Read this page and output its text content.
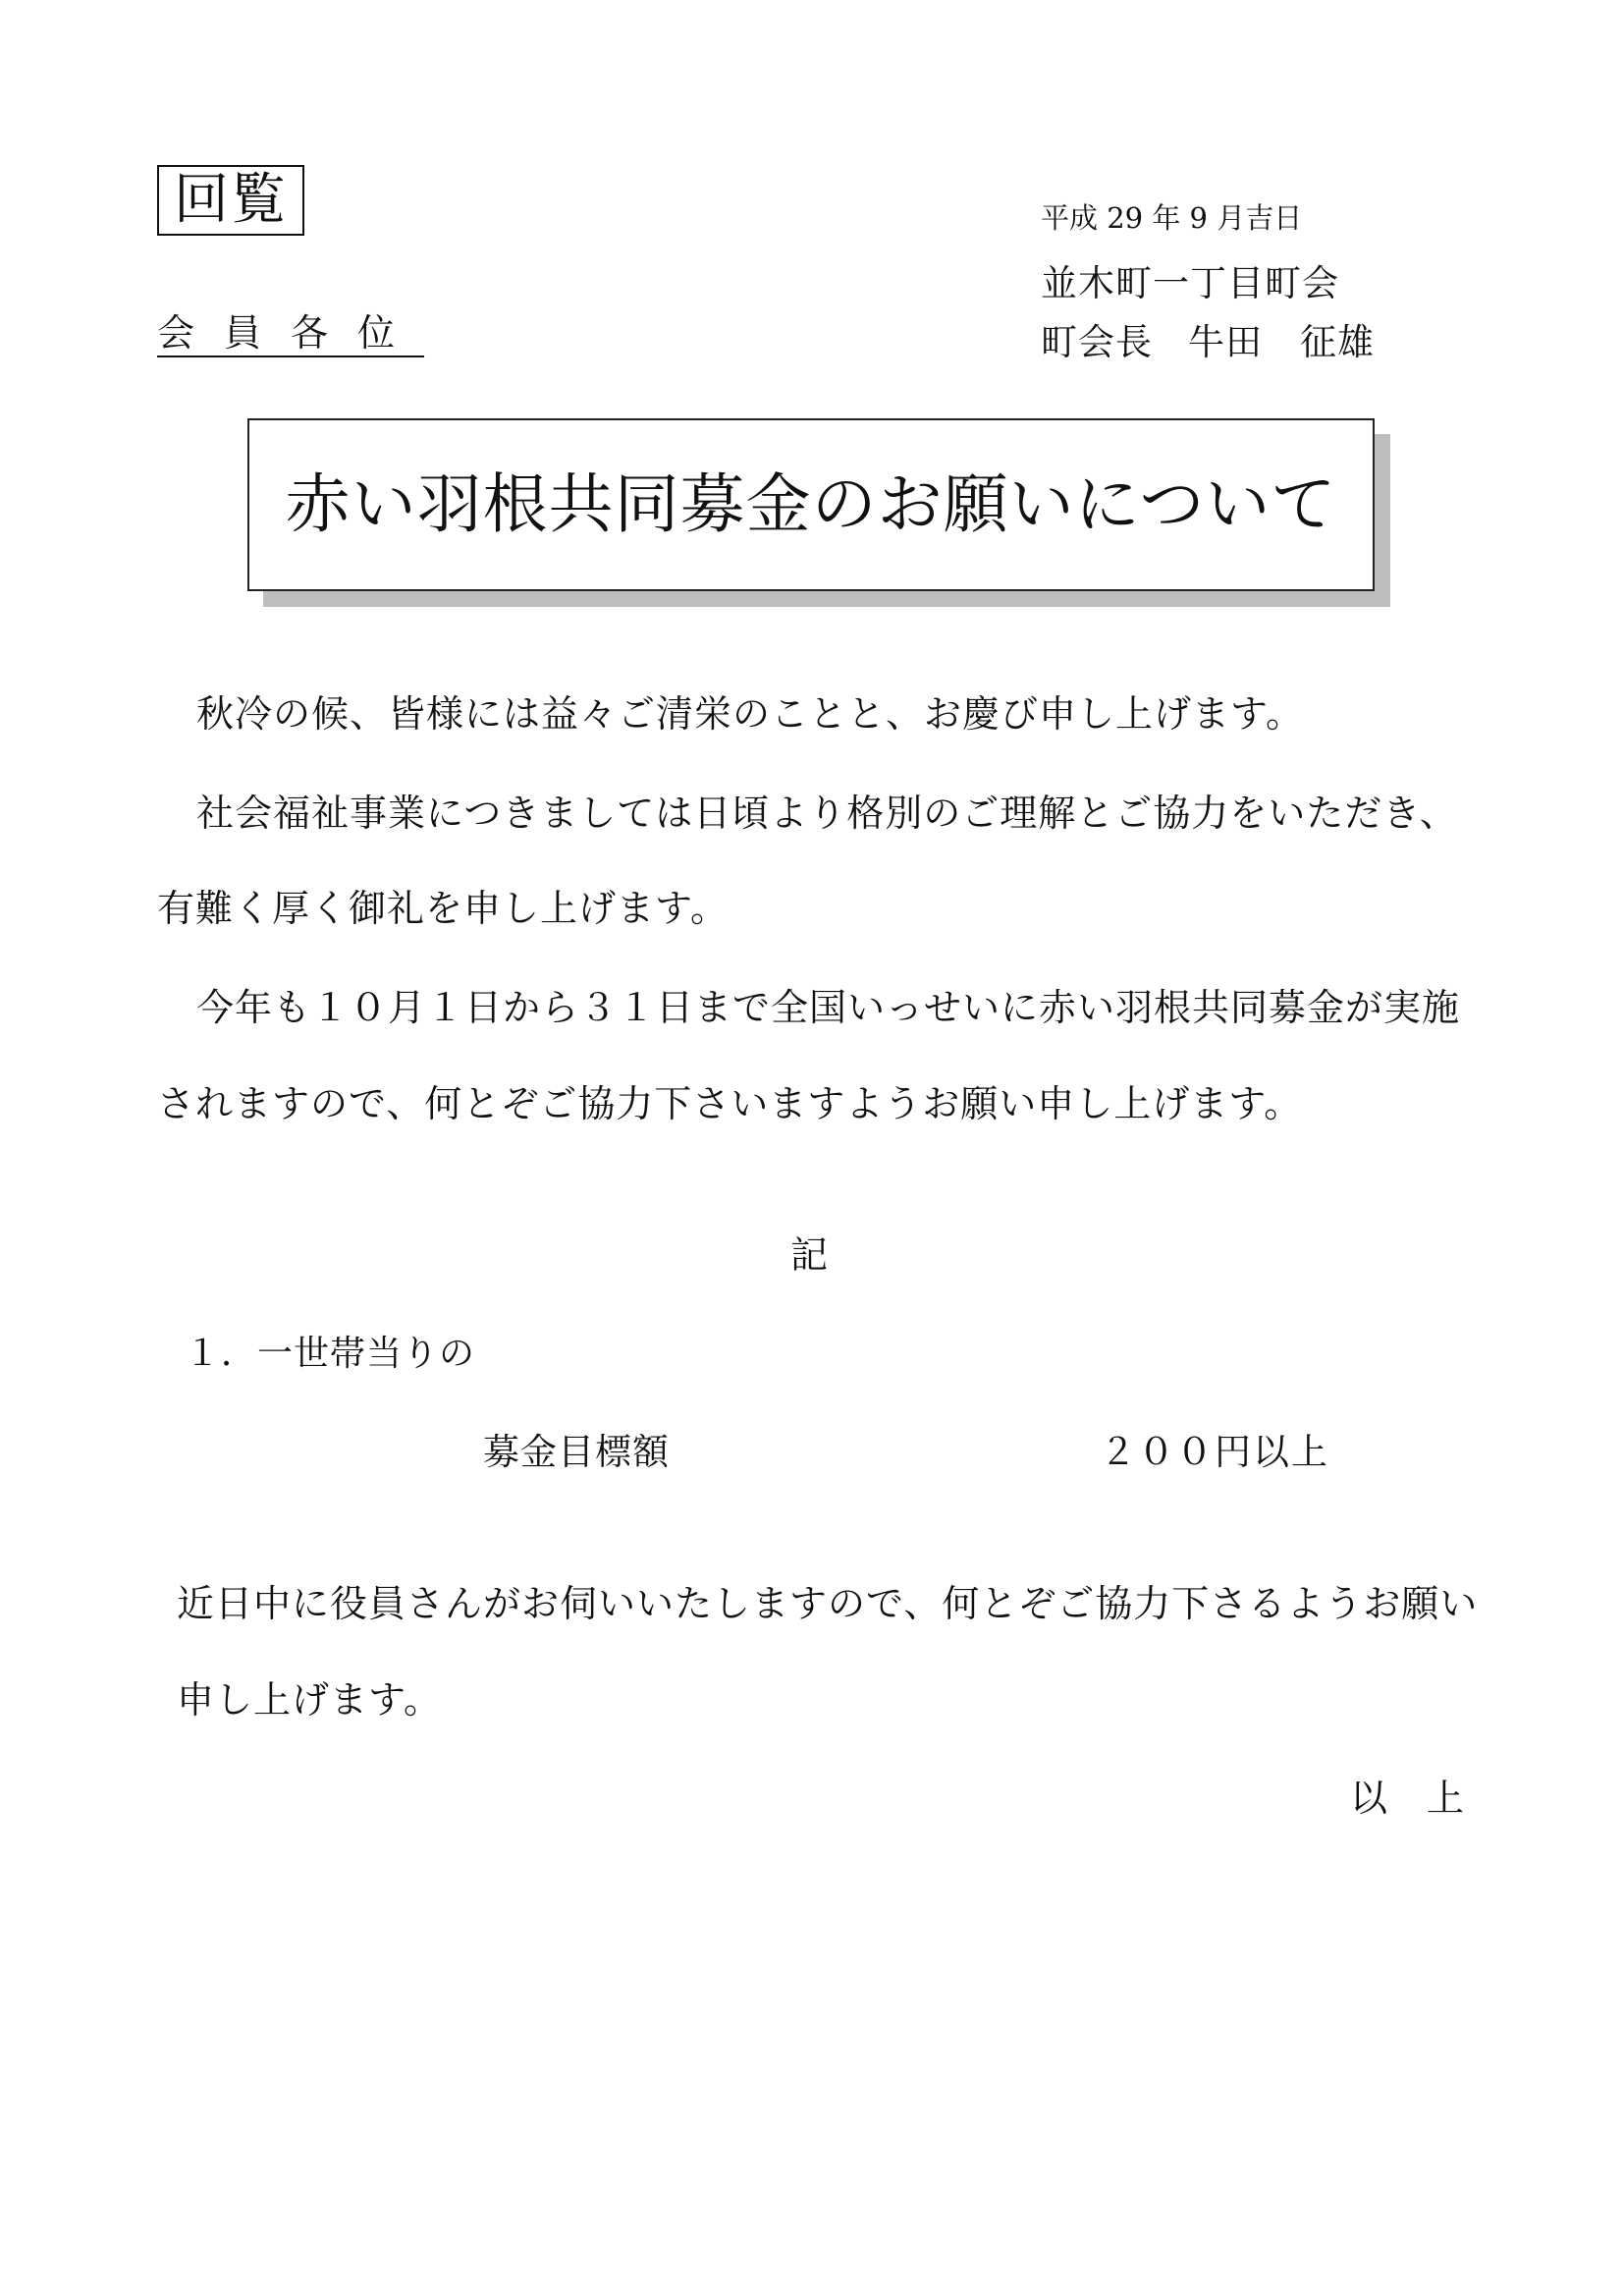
回覧
会員各位
平成 29 年 9 月吉日
並木町一丁目町会
町会長 牛田　征雄
赤い羽根共同募金のお願いについて
秋冷の候、皆様には益々ご清栄のことと、お慶び申し上げます。
社会福祉事業につきましては日頃より格別のご理解とご協力をいただき、
有難く厚く御礼を申し上げます。
今年も１０月１日から３１日まで全国いっせいに赤い羽根共同募金が実施
されますので、何とぞご協力下さいますようお願い申し上げます。
記
１．一世帯当りの
募金目標額	２００円以上
近日中に役員さんがお伺いいたしますので、何とぞご協力下さるようお願い
申し上げます。
以上
